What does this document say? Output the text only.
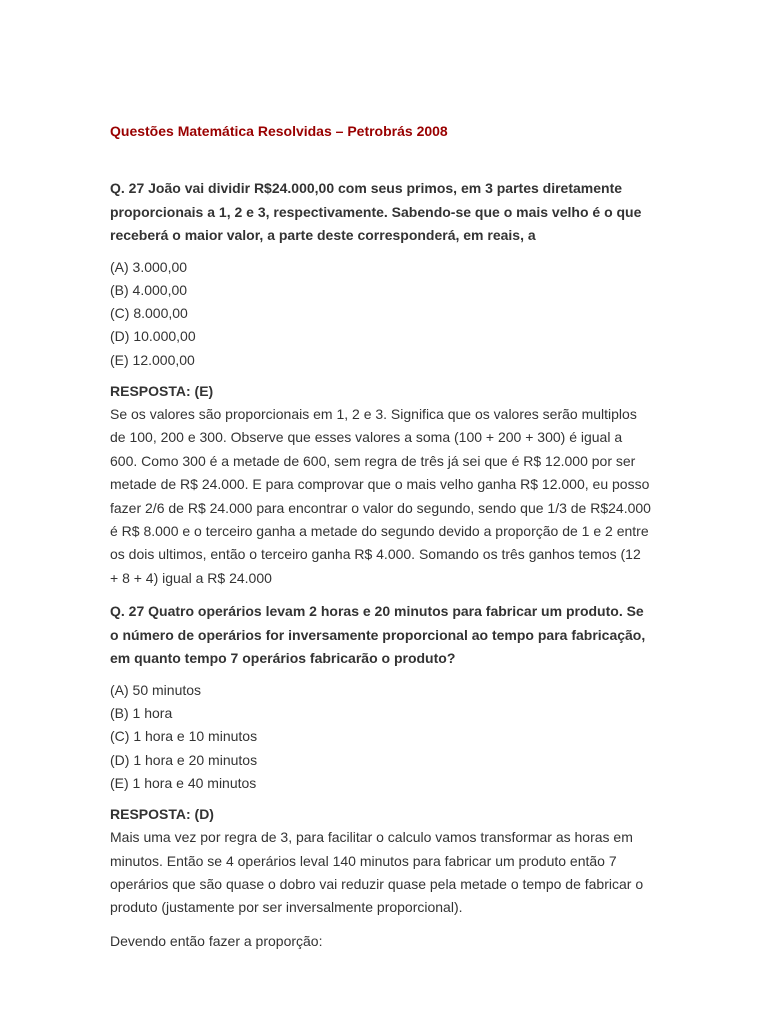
Questões Matemática Resolvidas – Petrobrás 2008
Q. 27 João vai dividir R$24.000,00 com seus primos, em 3 partes diretamente
proporcionais a 1, 2 e 3, respectivamente. Sabendo-se que o mais velho é o que
receberá o maior valor, a parte deste corresponderá, em reais, a
(A) 3.000,00
(B) 4.000,00
(C) 8.000,00
(D) 10.000,00
(E) 12.000,00
RESPOSTA: (E)
Se os valores são proporcionais em 1, 2 e 3. Significa que os valores serão multiplos
de 100, 200 e 300. Observe que esses valores a soma (100 + 200 + 300) é igual a
600. Como 300 é a metade de 600, sem regra de três já sei que é R$ 12.000 por ser
metade de R$ 24.000. E para comprovar que o mais velho ganha R$ 12.000, eu posso
fazer 2/6 de R$ 24.000 para encontrar o valor do segundo, sendo que 1/3 de R$24.000
é R$ 8.000 e o terceiro ganha a metade do segundo devido a proporção de 1 e 2 entre
os dois ultimos, então o terceiro ganha R$ 4.000. Somando os três ganhos temos (12
+ 8 + 4) igual a R$ 24.000
Q. 27 Quatro operários levam 2 horas e 20 minutos para fabricar um produto. Se
o número de operários for inversamente proporcional ao tempo para fabricação,
em quanto tempo 7 operários fabricarão o produto?
(A) 50 minutos
(B) 1 hora
(C) 1 hora e 10 minutos
(D) 1 hora e 20 minutos
(E) 1 hora e 40 minutos
RESPOSTA: (D)
Mais uma vez por regra de 3, para facilitar o calculo vamos transformar as horas em
minutos. Então se 4 operários leval 140 minutos para fabricar um produto então 7
operários que são quase o dobro vai reduzir quase pela metade o tempo de fabricar o
produto (justamente por ser inversalmente proporcional).
Devendo então fazer a proporção:
